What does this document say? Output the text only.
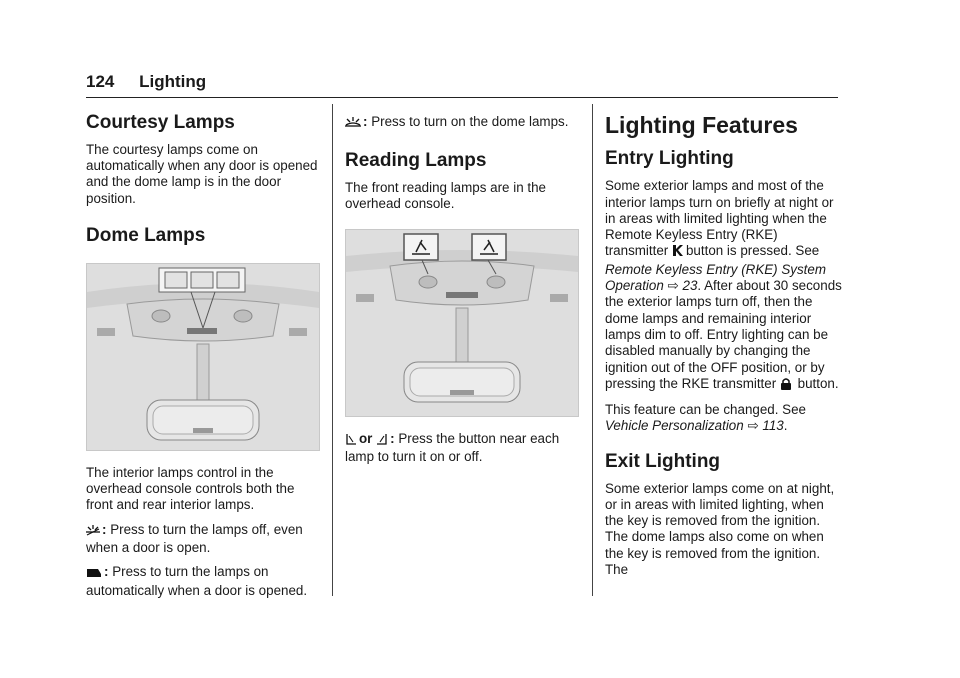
124 Lighting
Courtesy Lamps

The courtesy lamps come on automatically when any door is opened and the dome lamp is in the door position.

Dome Lamps

The interior lamps control in the overhead console controls both the front and rear interior lamps.

: Press to turn the lamps off, even when a door is open.

: Press to turn the lamps on automatically when a door is opened.

: Press to turn on the dome lamps.

Reading Lamps

The front reading lamps are in the overhead console.

or : Press the button near each lamp to turn it on or off.

Lighting Features
Entry Lighting

Some exterior lamps and most of the interior lamps turn on briefly at night or in areas with limited lighting when the Remote Keyless Entry (RKE) transmitter button is pressed. See Remote Keyless Entry (RKE) System Operation ⇨ 23. After about 30 seconds the exterior lamps turn off, then the dome lamps and remaining interior lamps dim to off. Entry lighting can be disabled manually by changing the ignition out of the OFF position, or by pressing the RKE transmitter button.

This feature can be changed. See Vehicle Personalization ⇨ 113.

Exit Lighting

Some exterior lamps come on at night, or in areas with limited lighting, when the key is removed from the ignition. The dome lamps also come on when the key is removed from the ignition. The
